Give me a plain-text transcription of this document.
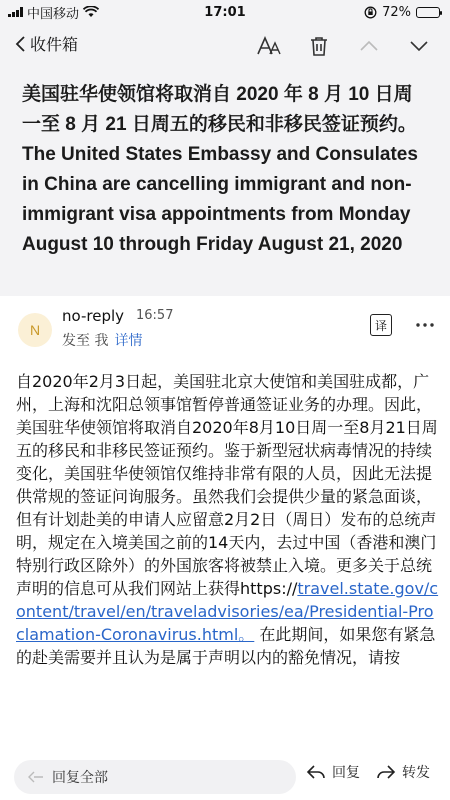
中国移动	17:01	72%
收件箱
美国驻华使领馆将取消自 2020 年 8 月 10 日周一至 8 月 21 日周五的移民和非移民签证预约。The United States Embassy and Consulates in China are cancelling immigrant and non-immigrant visa appointments from Monday August 10 through Friday August 21, 2020
N
no-reply 16:57
发至 我 详情
译
自2020年2月3日起，美国驻北京大使馆和美国驻成都，广州，上海和沈阳总领事馆暂停普通签证业务的办理。因此，美国驻华使领馆将取消自2020年8月10日周一至8月21日周五的移民和非移民签证预约。鉴于新型冠状病毒情况的持续变化，美国驻华使领馆仅维持非常有限的人员，因此无法提供常规的签证问询服务。虽然我们会提供少量的紧急面谈，但有计划赴美的申请人应留意2月2日（周日）发布的总统声明，规定在入境美国之前的14天内，去过中国（香港和澳门特别行政区除外）的外国旅客将被禁止入境。更多关于总统声明的信息可从我们网站上获得https://travel.state.gov/content/travel/en/traveladvisories/ea/Presidential-Proclamation-Coronavirus.html。 在此期间，如果您有紧急的赴美需要并且认为是属于声明以内的豁免情况，请按
回复全部	回复	转发
